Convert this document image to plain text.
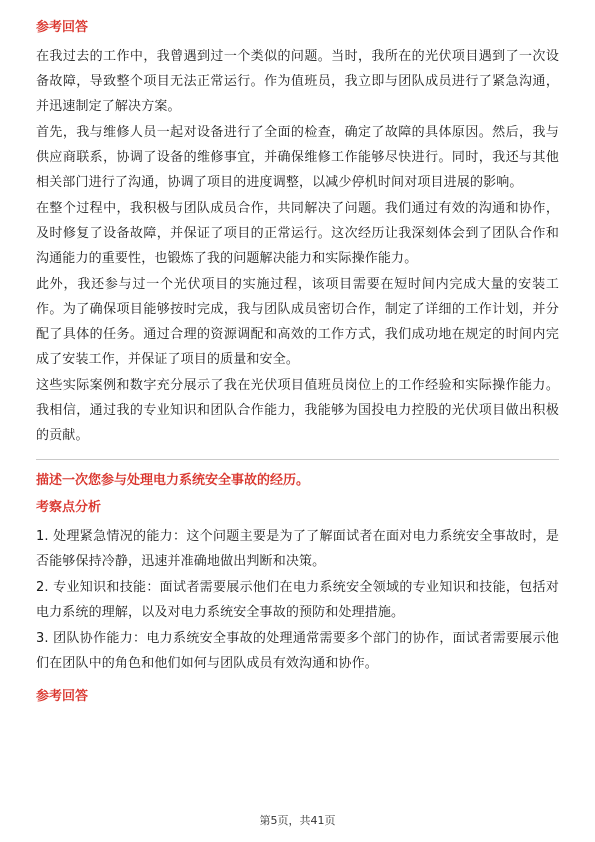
参考回答

在我过去的工作中，我曾遇到过一个类似的问题。当时，我所在的光伏项目遇到了一次设备故障，导致整个项目无法正常运行。作为值班员，我立即与团队成员进行了紧急沟通，并迅速制定了解决方案。

首先，我与维修人员一起对设备进行了全面的检查，确定了故障的具体原因。然后，我与供应商联系，协调了设备的维修事宜，并确保维修工作能够尽快进行。同时，我还与其他相关部门进行了沟通，协调了项目的进度调整，以减少停机时间对项目进展的影响。

在整个过程中，我积极与团队成员合作，共同解决了问题。我们通过有效的沟通和协作，及时修复了设备故障，并保证了项目的正常运行。这次经历让我深刻体会到了团队合作和沟通能力的重要性，也锻炼了我的问题解决能力和实际操作能力。

此外，我还参与过一个光伏项目的实施过程，该项目需要在短时间内完成大量的安装工作。为了确保项目能够按时完成，我与团队成员密切合作，制定了详细的工作计划，并分配了具体的任务。通过合理的资源调配和高效的工作方式，我们成功地在规定的时间内完成了安装工作，并保证了项目的质量和安全。

这些实际案例和数字充分展示了我在光伏项目值班员岗位上的工作经验和实际操作能力。我相信，通过我的专业知识和团队合作能力，我能够为国投电力控股的光伏项目做出积极的贡献。

描述一次您参与处理电力系统安全事故的经历。
考察点分析

1. 处理紧急情况的能力：这个问题主要是为了了解面试者在面对电力系统安全事故时，是否能够保持冷静，迅速并准确地做出判断和决策。

2. 专业知识和技能：面试者需要展示他们在电力系统安全领域的专业知识和技能，包括对电力系统的理解，以及对电力系统安全事故的预防和处理措施。

3. 团队协作能力：电力系统安全事故的处理通常需要多个部门的协作，面试者需要展示他们在团队中的角色和他们如何与团队成员有效沟通和协作。

参考回答
第5页，共41页
